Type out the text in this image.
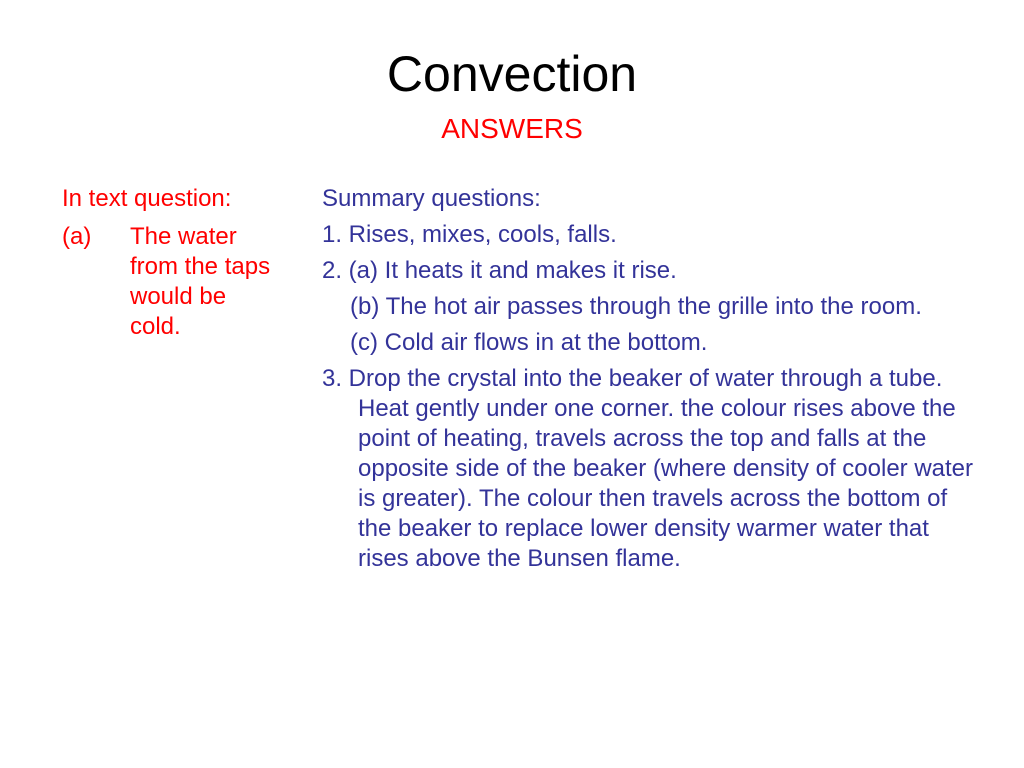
Convection
ANSWERS
In text question:
(a)	The water from the taps would be cold.

Summary questions:

1. Rises, mixes, cools, falls.

2. (a) It heats it and makes it rise.

(b) The hot air passes through the grille into the room.

(c) Cold air flows in at the bottom.

3. Drop the crystal into the beaker of water through a tube. Heat gently under one corner. the colour rises above the point of heating, travels across the top and falls at the opposite side of the beaker (where density of cooler water is greater). The colour then travels across the bottom of the beaker to replace lower density warmer water that rises above the Bunsen flame.
